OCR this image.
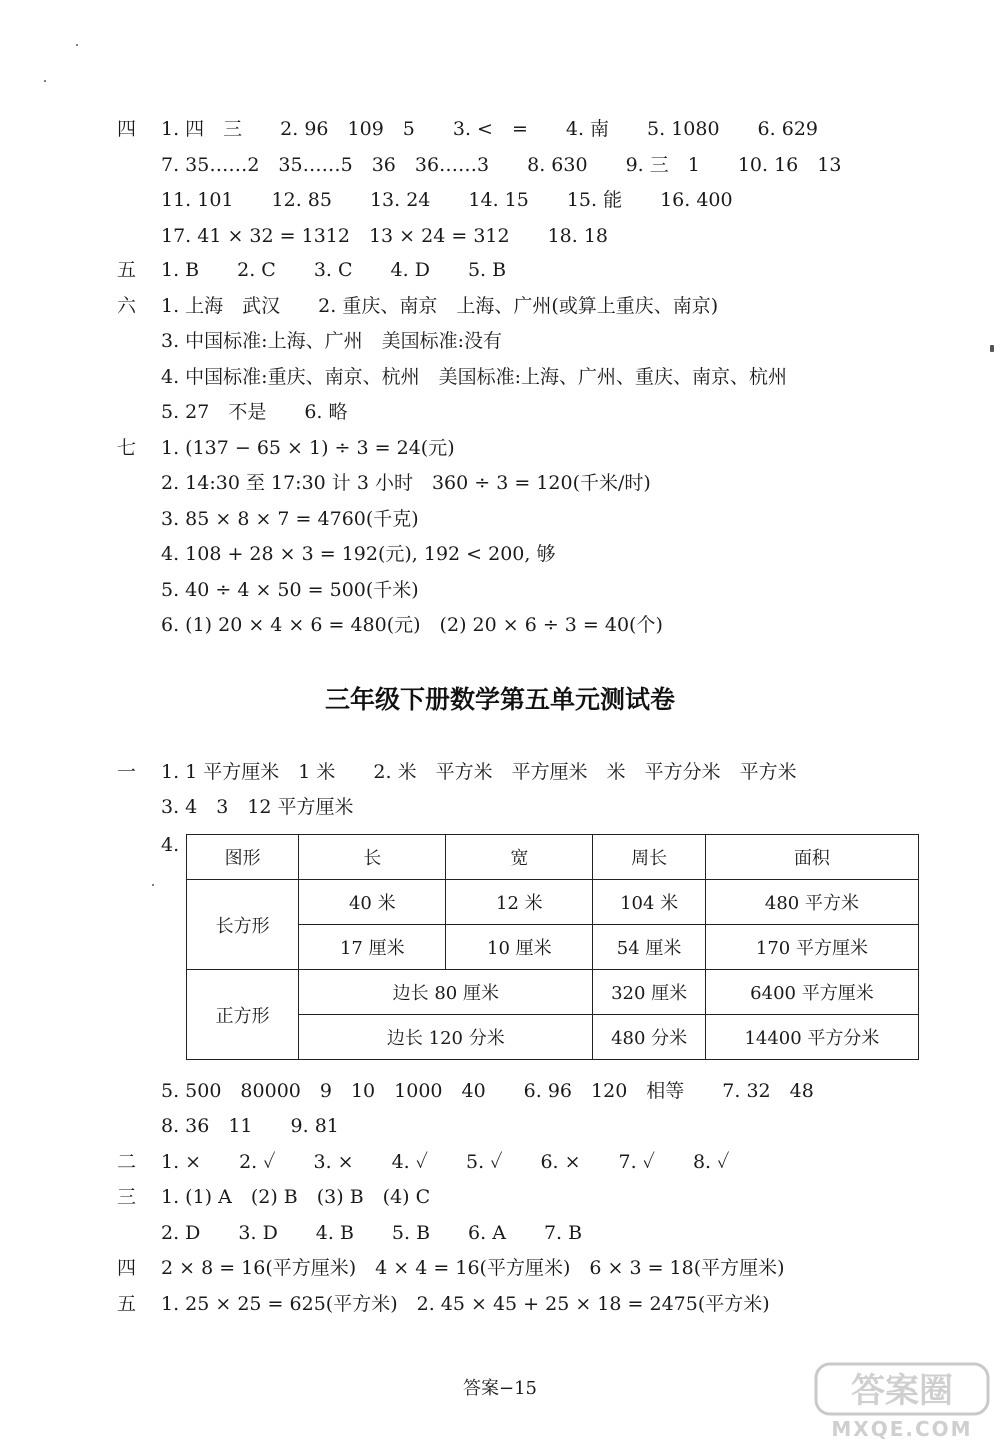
四 1. 四　三　　2. 96　109　5　　3. <　=　　4. 南　　5. 1080　　6. 629
7. 35……2　35……5　36　36……3　　8. 630　　9. 三　1　　10. 16　13
11. 101　　12. 85　　13. 24　　14. 15　　15. 能　　16. 400
17. 41 × 32 = 1312　13 × 24 = 312　　18. 18
五 1. B　　2. C　　3. C　　4. D　　5. B
六 1. 上海　武汉　　2. 重庆、南京　上海、广州(或算上重庆、南京)
3. 中国标准:上海、广州　美国标准:没有
4. 中国标准:重庆、南京、杭州　美国标准:上海、广州、重庆、南京、杭州
5. 27　不是　　6. 略
七 1. (137 − 65 × 1) ÷ 3 = 24(元)
2. 14:30 至 17:30 计 3 小时　360 ÷ 3 = 120(千米/时)
3. 85 × 8 × 7 = 4760(千克)
4. 108 + 28 × 3 = 192(元), 192 < 200, 够
5. 40 ÷ 4 × 50 = 500(千米)
6. (1) 20 × 4 × 6 = 480(元)　(2) 20 × 6 ÷ 3 = 40(个)
三年级下册数学第五单元测试卷
一 1. 1 平方厘米　1 米　　2. 米　平方米　平方厘米　米　平方分米　平方米
3. 4　3　12 平方厘米
4.
图形	长	宽	周长	面积
长方形	40 米	12 米	104 米	480 平方米
	17 厘米	10 厘米	54 厘米	170 平方厘米
正方形	边长 80 厘米		320 厘米	6400 平方厘米
	边长 120 分米		480 分米	14400 平方分米
5. 500　80000　9　10　1000　40　　6. 96　120　相等　　7. 32　48
8. 36　11　　9. 81
二 1. ×　　2. ✓　　3. ×　　4. ✓　　5. ✓　　6. ×　　7. ✓　　8. ✓
三 1. (1) A　(2) B　(3) B　(4) C
2. D　　3. D　　4. B　　5. B　　6. A　　7. B
四 2 × 8 = 16(平方厘米)　4 × 4 = 16(平方厘米)　6 × 3 = 18(平方厘米)
五 1. 25 × 25 = 625(平方米)　2. 45 × 45 + 25 × 18 = 2475(平方米)
答案−15	答案圈
MXQE.COM
